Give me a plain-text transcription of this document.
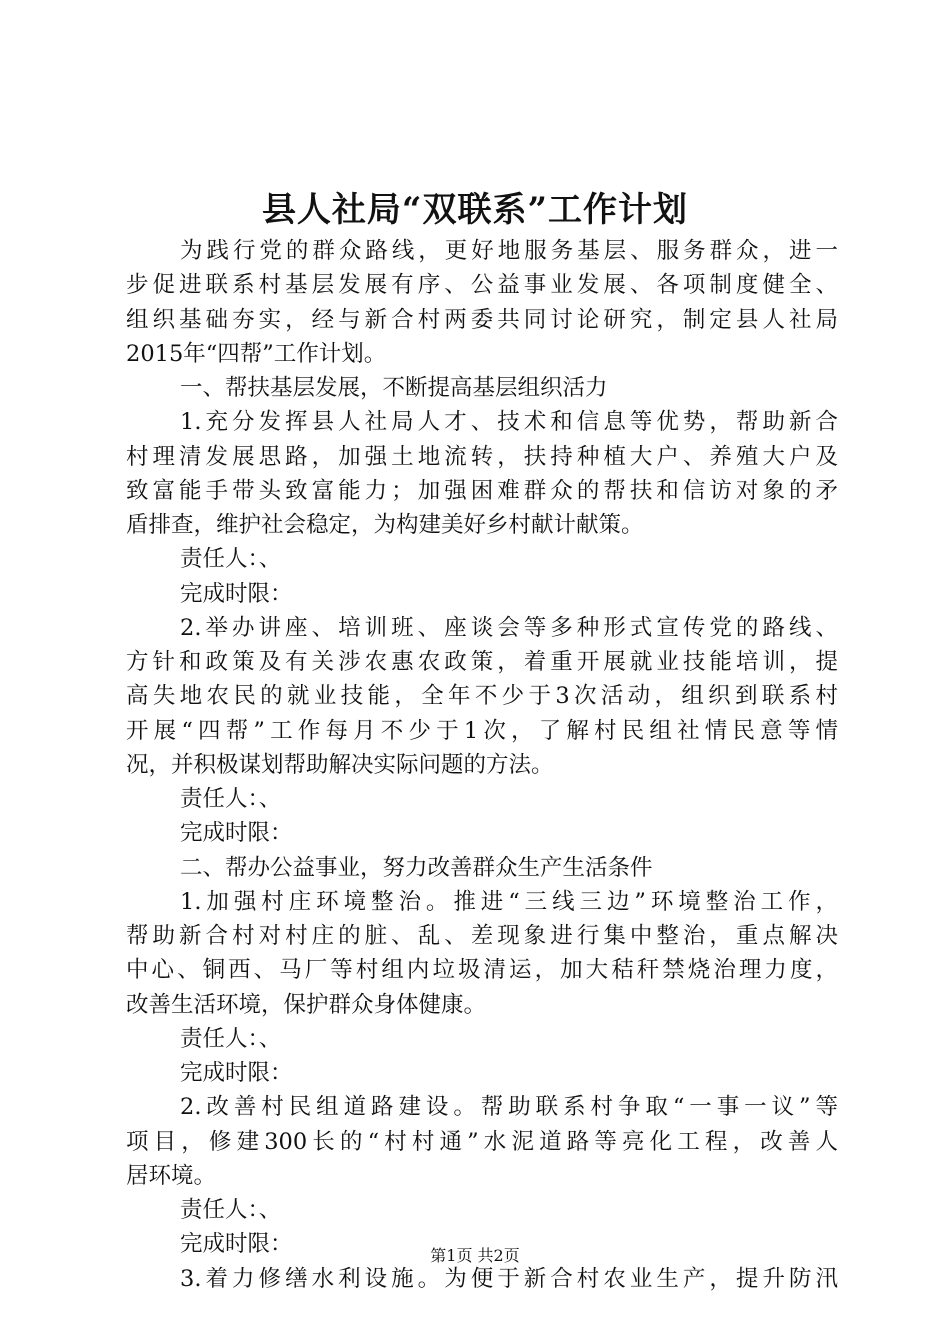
县人社局“双联系”工作计划
为践行党的群众路线，更好地服务基层、服务群众，进一
步促进联系村基层发展有序、公益事业发展、各项制度健全、
组织基础夯实，经与新合村两委共同讨论研究，制定县人社局
2015年“四帮”工作计划。
一、帮扶基层发展，不断提高基层组织活力
1.充分发挥县人社局人才、技术和信息等优势，帮助新合
村理清发展思路，加强土地流转，扶持种植大户、养殖大户及
致富能手带头致富能力；加强困难群众的帮扶和信访对象的矛
盾排查，维护社会稳定，为构建美好乡村献计献策。
责任人：、
完成时限：
2.举办讲座、培训班、座谈会等多种形式宣传党的路线、
方针和政策及有关涉农惠农政策，着重开展就业技能培训，提
高失地农民的就业技能，全年不少于3次活动，组织到联系村
开展“四帮”工作每月不少于1次，了解村民组社情民意等情
况，并积极谋划帮助解决实际问题的方法。
责任人：、
完成时限：
二、帮办公益事业，努力改善群众生产生活条件
1.加强村庄环境整治。推进“三线三边”环境整治工作，
帮助新合村对村庄的脏、乱、差现象进行集中整治，重点解决
中心、铜西、马厂等村组内垃圾清运，加大秸秆禁烧治理力度，
改善生活环境，保护群众身体健康。
责任人：、
完成时限：
2.改善村民组道路建设。帮助联系村争取“一事一议”等
项目，修建300长的“村村通”水泥道路等亮化工程，改善人
居环境。
责任人：、
完成时限：
3.着力修缮水利设施。为便于新合村农业生产，提升防汛
第1页 共2页
